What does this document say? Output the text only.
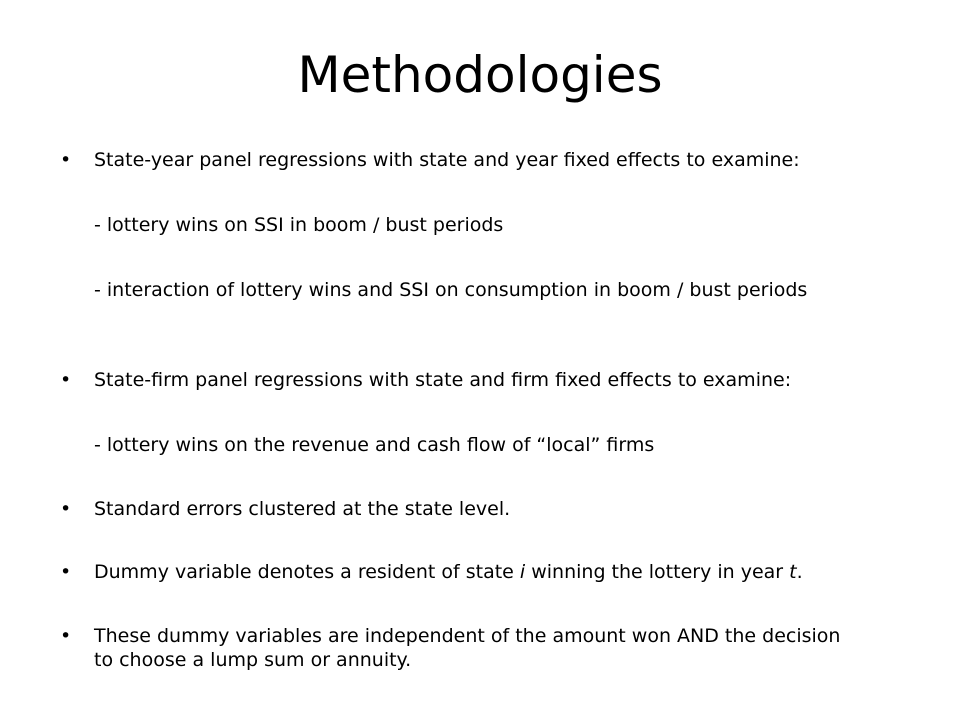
Methodologies
•	State-year panel regressions with state and year fixed effects to examine:
- lottery wins on SSI in boom / bust periods
- interaction of lottery wins and SSI on consumption in boom / bust periods
•	State-firm panel regressions with state and firm fixed effects to examine:
- lottery wins on the revenue and cash flow of “local” firms
•	Standard errors clustered at the state level.
•	Dummy variable denotes a resident of state i winning the lottery in year t.
•	These dummy variables are independent of the amount won AND the decision to choose a lump sum or annuity.
